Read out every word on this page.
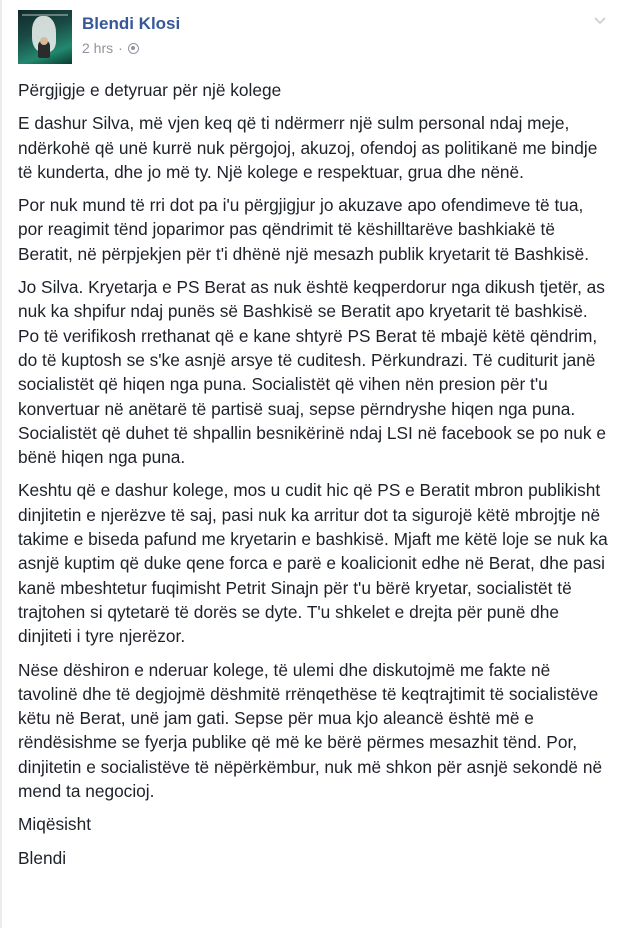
Blendi Klosi
2 hrs ·

Përgjigje e detyruar për një kolege

E dashur Silva, më vjen keq që ti ndërmerr një sulm personal ndaj meje, ndërkohë që unë kurrë nuk përgojoj, akuzoj, ofendoj as politikanë me bindje të kunderta, dhe jo më ty. Një kolege e respektuar, grua dhe nënë.

Por nuk mund të rri dot pa i'u përgjigjur jo akuzave apo ofendimeve të tua, por reagimit tënd joparimor pas qëndrimit të këshilltarëve bashkiakë të Beratit, në përpjekjen për t'i dhënë një mesazh publik kryetarit të Bashkisë.

Jo Silva. Kryetarja e PS Berat as nuk është keqperdorur nga dikush tjetër, as nuk ka shpifur ndaj punës së Bashkisë se Beratit apo kryetarit të bashkisë. Po të verifikosh rrethanat që e kane shtyrë PS Berat të mbajë këtë qëndrim, do të kuptosh se s'ke asnjë arsye të cuditesh. Përkundrazi. Të cuditurit janë socialistët që hiqen nga puna. Socialistët që vihen nën presion për t'u konvertuar në anëtarë të partisë suaj, sepse përndryshe hiqen nga puna. Socialistët që duhet të shpallin besnikërinë ndaj LSI në facebook se po nuk e bënë hiqen nga puna.

Keshtu që e dashur kolege, mos u cudit hic që PS e Beratit mbron publikisht dinjitetin e njerëzve të saj, pasi nuk ka arritur dot ta sigurojë këtë mbrojtje në takime e biseda pafund me kryetarin e bashkisë. Mjaft me këtë loje se nuk ka asnjë kuptim që duke qene forca e parë e koalicionit edhe në Berat, dhe pasi kanë mbeshtetur fuqimisht Petrit Sinajn për t'u bërë kryetar, socialistët të trajtohen si qytetarë të dorës se dyte. T'u shkelet e drejta për punë dhe dinjiteti i tyre njerëzor.

Nëse dëshiron e nderuar kolege, të ulemi dhe diskutojmë me fakte në tavolinë dhe të degjojmë dëshmitë rrënqethëse të keqtrajtimit të socialistëve këtu në Berat, unë jam gati. Sepse për mua kjo aleancë është më e rëndësishme se fyerja publike që më ke bërë përmes mesazhit tënd. Por, dinjitetin e socialistëve të nëpërkëmbur, nuk më shkon për asnjë sekondë në mend ta negocioj.

Miqësisht

Blendi
